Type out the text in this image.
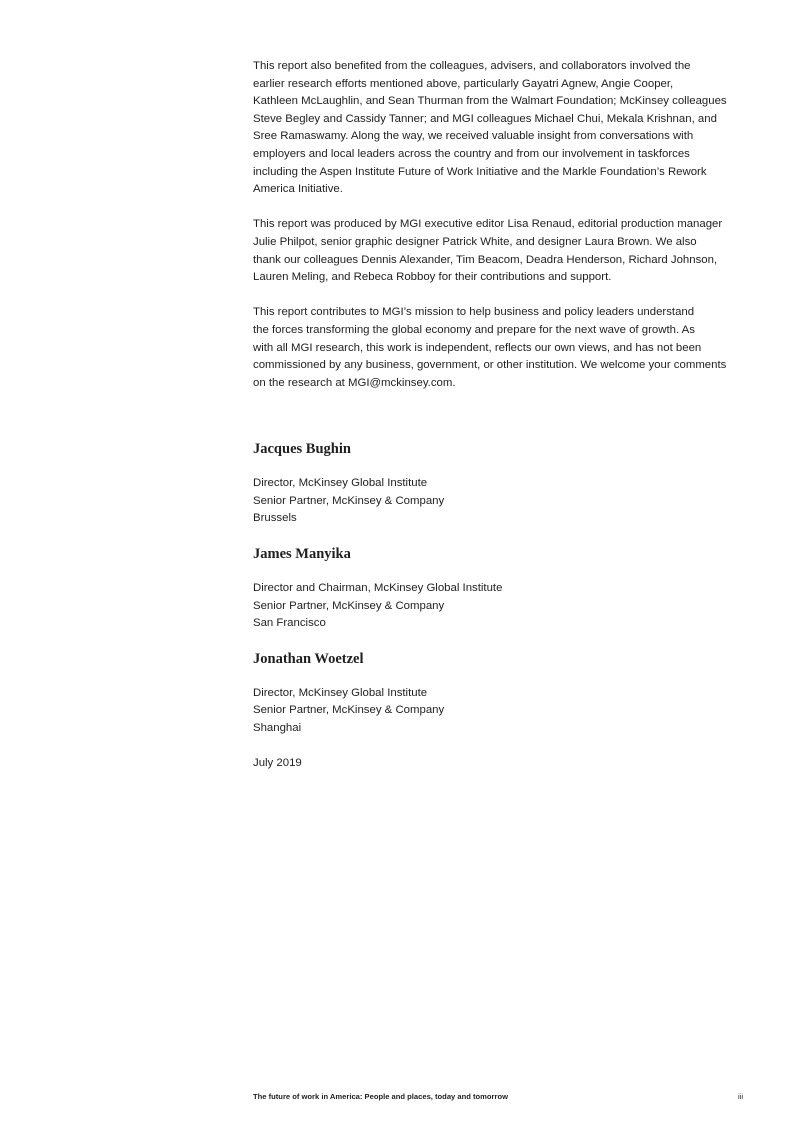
This report also benefited from the colleagues, advisers, and collaborators involved the
earlier research efforts mentioned above, particularly Gayatri Agnew, Angie Cooper,
Kathleen McLaughlin, and Sean Thurman from the Walmart Foundation; McKinsey colleagues
Steve Begley and Cassidy Tanner; and MGI colleagues Michael Chui, Mekala Krishnan, and
Sree Ramaswamy. Along the way, we received valuable insight from conversations with
employers and local leaders across the country and from our involvement in taskforces
including the Aspen Institute Future of Work Initiative and the Markle Foundation’s Rework
America Initiative.
This report was produced by MGI executive editor Lisa Renaud, editorial production manager
Julie Philpot, senior graphic designer Patrick White, and designer Laura Brown. We also
thank our colleagues Dennis Alexander, Tim Beacom, Deadra Henderson, Richard Johnson,
Lauren Meling, and Rebeca Robboy for their contributions and support.
This report contributes to MGI’s mission to help business and policy leaders understand
the forces transforming the global economy and prepare for the next wave of growth. As
with all MGI research, this work is independent, reflects our own views, and has not been
commissioned by any business, government, or other institution. We welcome your comments
on the research at MGI@mckinsey.com.
Jacques Bughin
Director, McKinsey Global Institute
Senior Partner, McKinsey & Company
Brussels
James Manyika
Director and Chairman, McKinsey Global Institute
Senior Partner, McKinsey & Company
San Francisco
Jonathan Woetzel
Director, McKinsey Global Institute
Senior Partner, McKinsey & Company
Shanghai
July 2019
The future of work in America: People and places, today and tomorrow	iii
